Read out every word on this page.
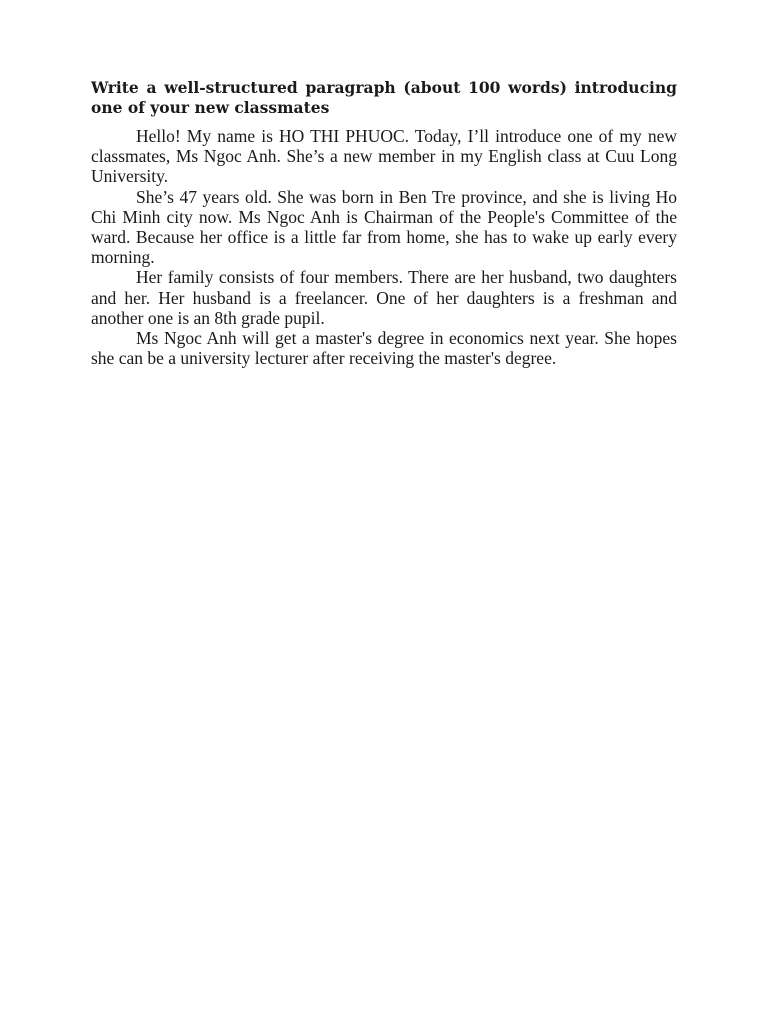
Write a well-structured paragraph (about 100 words) introducing one of your new classmates

Hello! My name is HO THI PHUOC. Today, I’ll introduce one of my new classmates, Ms Ngoc Anh. She’s a new member in my English class at Cuu Long University.

She’s 47 years old. She was born in Ben Tre province, and she is living Ho Chi Minh city now. Ms Ngoc Anh is Chairman of the People's Committee of the ward. Because her office is a little far from home, she has to wake up early every morning.

Her family consists of four members. There are her husband, two daughters and her. Her husband is a freelancer. One of her daughters is a freshman and another one is an 8th grade pupil.

Ms Ngoc Anh will get a master's degree in economics next year. She hopes she can be a university lecturer after receiving the master's degree.
